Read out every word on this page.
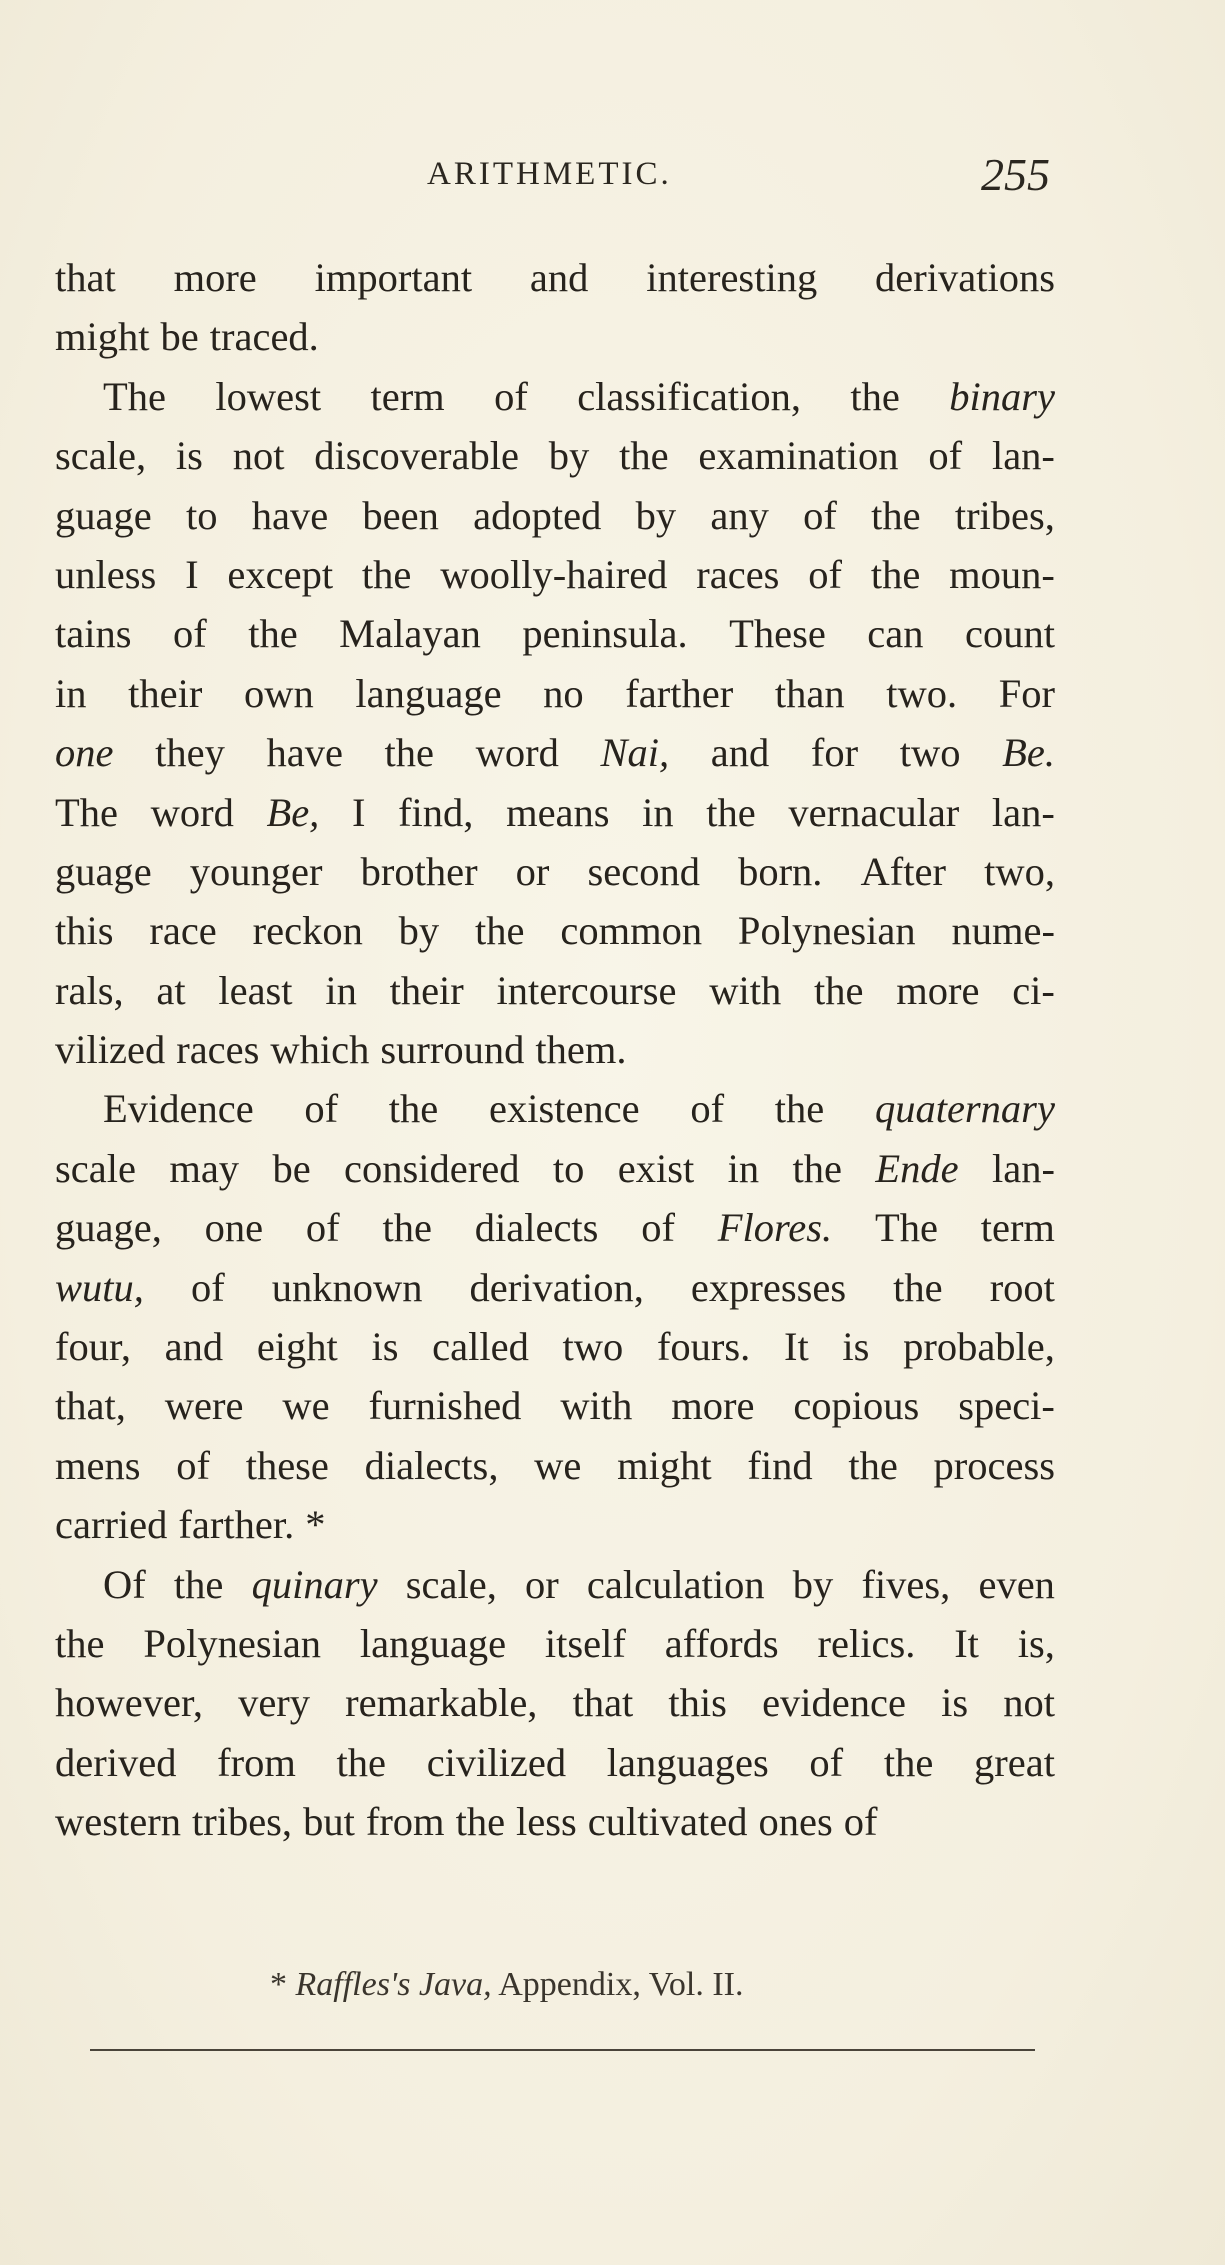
ARITHMETIC.	255
that more important and interesting derivations
might be traced.
The lowest term of classification, the binary
scale, is not discoverable by the examination of lan-
guage to have been adopted by any of the tribes,
unless I except the woolly-haired races of the moun-
tains of the Malayan peninsula. These can count
in their own language no farther than two. For
one they have the word Nai, and for two Be.
The word Be, I find, means in the vernacular lan-
guage younger brother or second born. After two,
this race reckon by the common Polynesian nume-
rals, at least in their intercourse with the more ci-
vilized races which surround them.
Evidence of the existence of the quaternary
scale may be considered to exist in the Ende lan-
guage, one of the dialects of Flores. The term
wutu, of unknown derivation, expresses the root
four, and eight is called two fours. It is probable,
that, were we furnished with more copious speci-
mens of these dialects, we might find the process
carried farther. *
Of the quinary scale, or calculation by fives, even
the Polynesian language itself affords relics. It is,
however, very remarkable, that this evidence is not
derived from the civilized languages of the great
western tribes, but from the less cultivated ones of
* Raffles's Java, Appendix, Vol. II.
